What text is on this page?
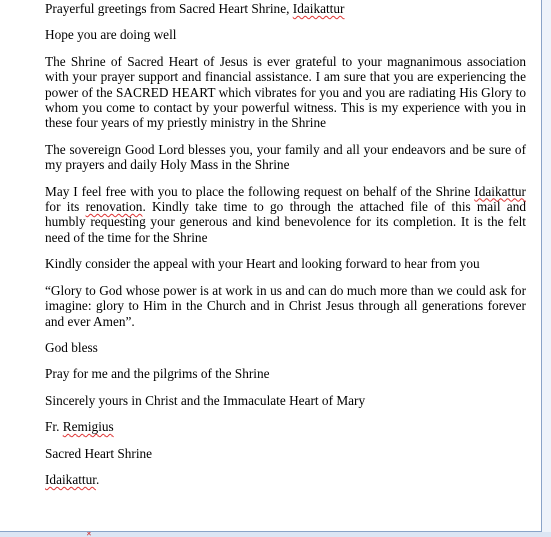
Prayerful greetings from Sacred Heart Shrine, Idaikattur

Hope you are doing well

The Shrine of Sacred Heart of Jesus is ever grateful to your magnanimous association with your prayer support and financial assistance. I am sure that you are experiencing the power of the SACRED HEART which vibrates for you and you are radiating His Glory to whom you come to contact by your powerful witness. This is my experience with you in these four years of my priestly ministry in the Shrine

The sovereign Good Lord blesses you, your family and all your endeavors and be sure of my prayers and daily Holy Mass in the Shrine

May I feel free with you to place the following request on behalf of the Shrine Idaikattur for its renovation. Kindly take time to go through the attached file of this mail and humbly requesting your generous and kind benevolence for its completion. It is the felt need of the time for the Shrine

Kindly consider the appeal with your Heart and looking forward to hear from you

“Glory to God whose power is at work in us and can do much more than we could ask for imagine: glory to Him in the Church and in Christ Jesus through all generations forever and ever Amen”.

God bless

Pray for me and the pilgrims of the Shrine

Sincerely yours in Christ and the Immaculate Heart of Mary

Fr. Remigius

Sacred Heart Shrine

Idaikattur.

✕
